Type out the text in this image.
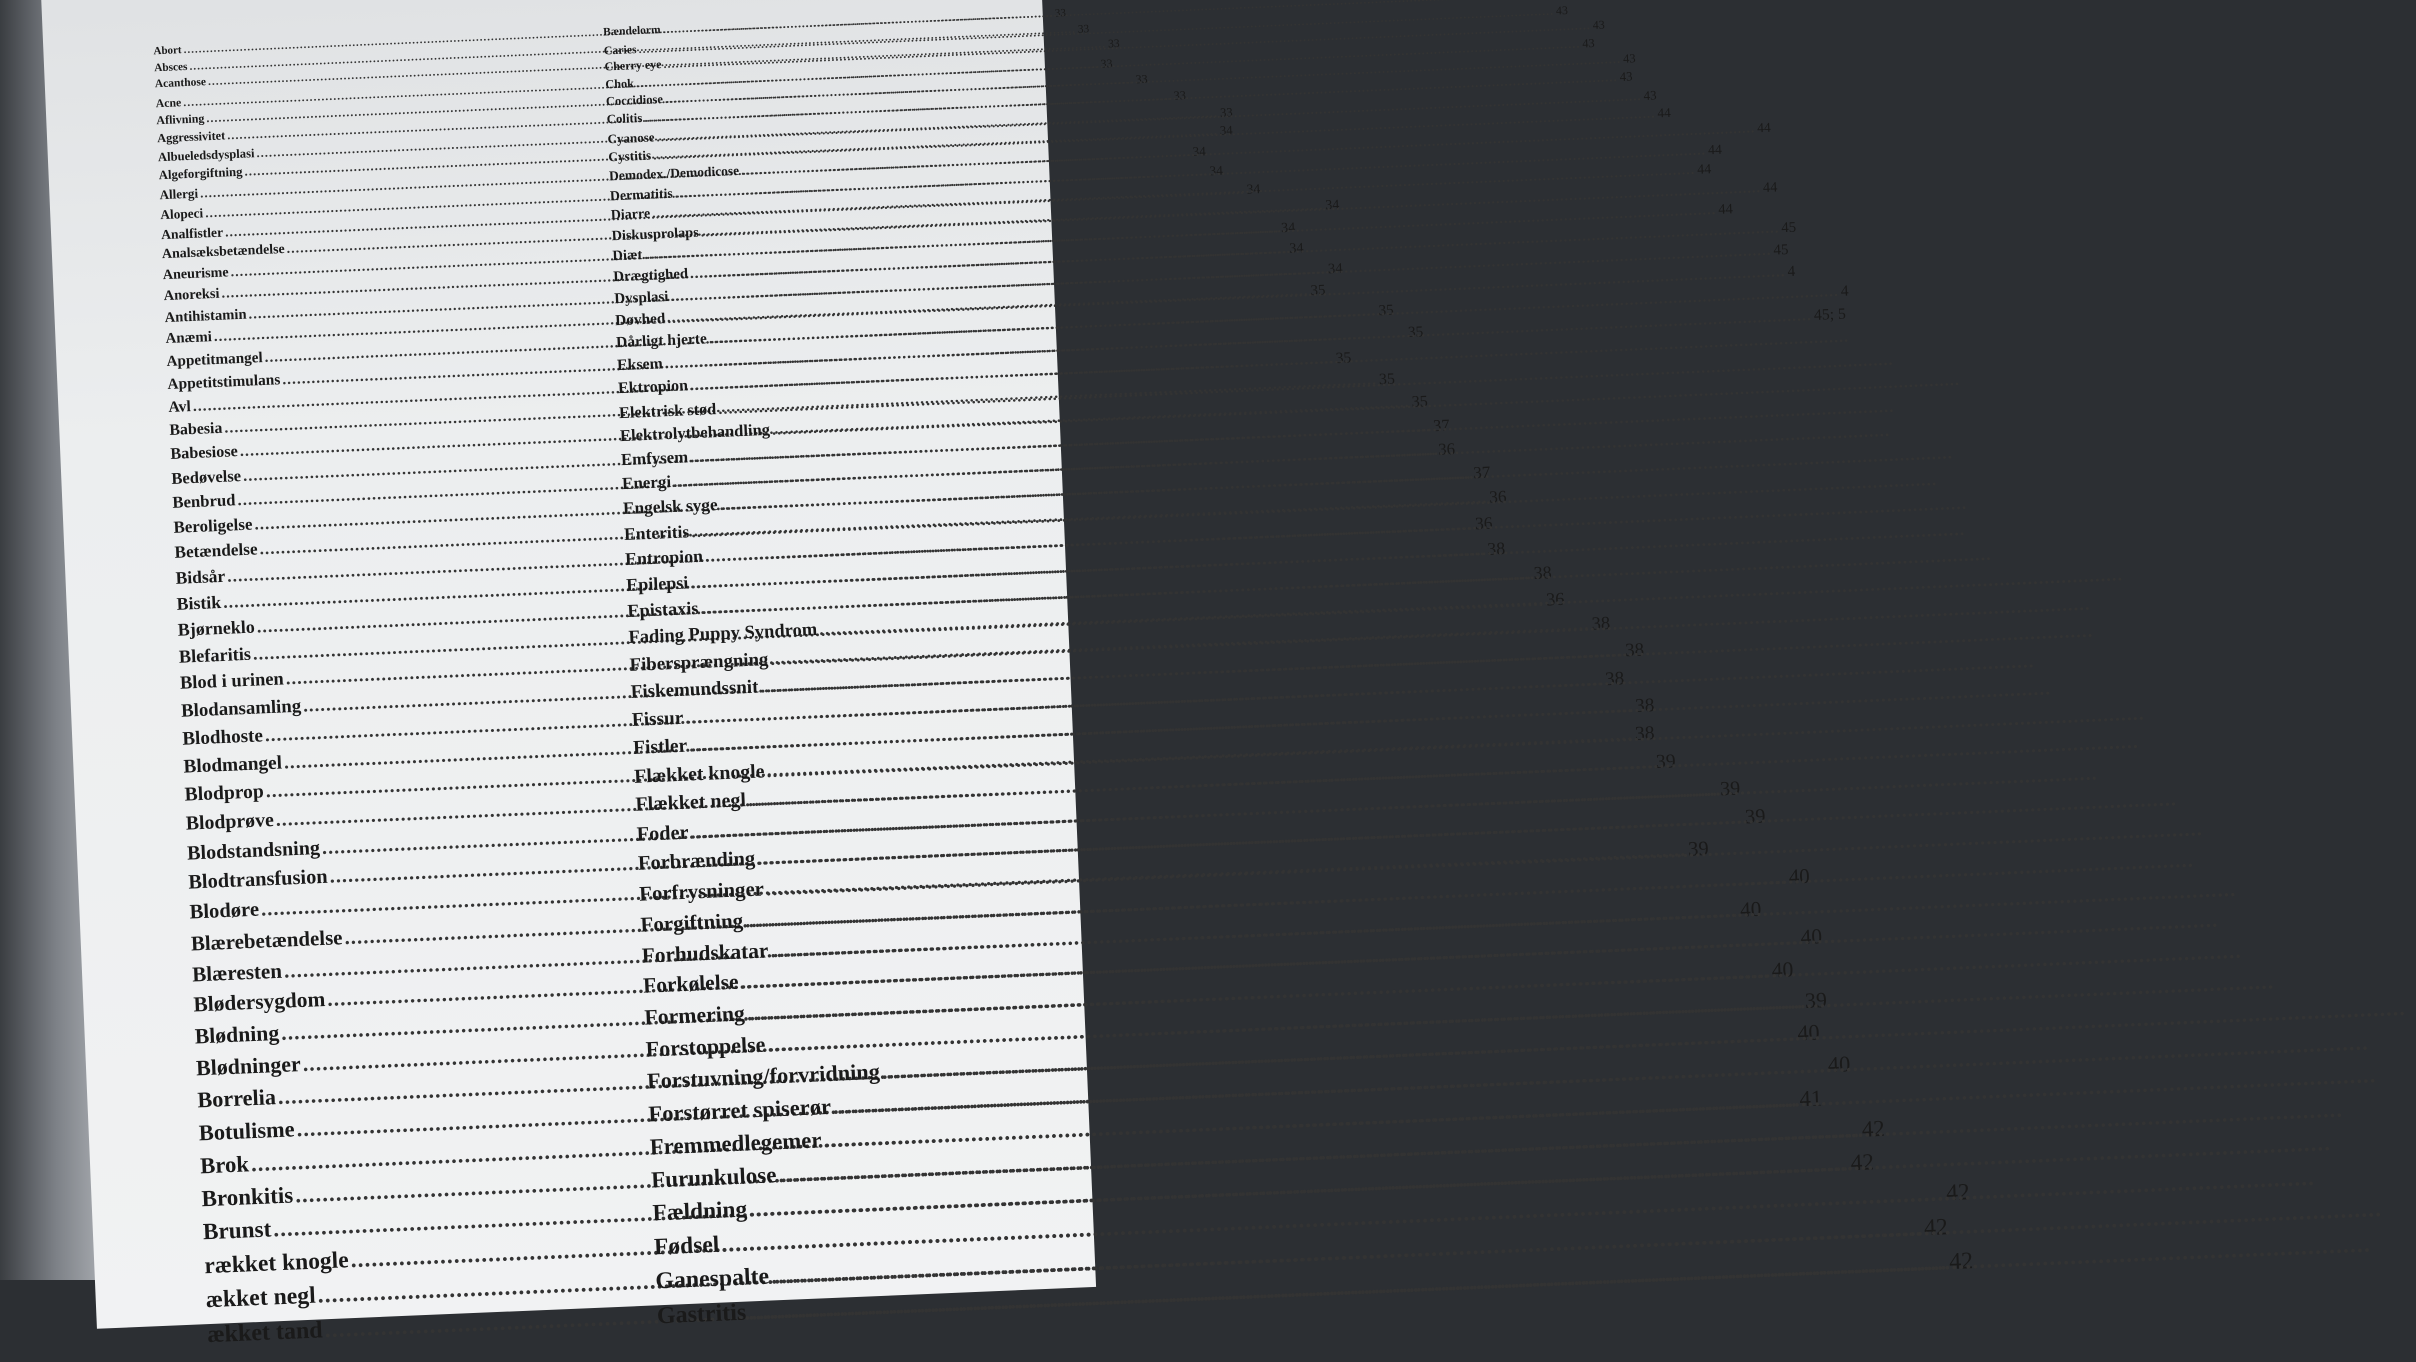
Abort
.....
33
Absces
.....
33
Acanthose
.....
33
Acne
.....
33
Aflivning
.....
33
Aggressivitet
.....
33
Albueledsdysplasi
.....
33
Algeforgiftning
.....
34
Allergi
.....
34
Alopeci
.....
34
Analfistler
.....
34
Analsæksbetændelse
.....
34
Aneurisme
.....
34
Anoreksi
.....
34
Antihistamin
.....
34
Anæmi
.....
35
Appetitmangel
.....
35
Appetitstimulans
.....
35
Avl
.....
35
Babesia
.....
35
Babesiose
.....
35
Bedøvelse
.....
37
Benbrud
.....
36
Beroligelse
.....
37
Betændelse
.....
36
Bidsår
.....
36
Bistik
.....
38
Bjørneklo
.....
38
Blefaritis
.....
36
Blod i urinen
.....
38
Blodansamling
.....
38
Blodhoste
.....
38
Blodmangel
.....
38
Blodprop
.....
38
Blodprøve
.....
39
Blodstandsning
.....
39
Blodtransfusion
.....
39
Blodøre
.....
39
Blærebetændelse
.....
40
Blæresten
.....
40
Blødersygdom
.....
40
Blødning
.....
40
Blødninger
.....
39
Borrelia
.....
40
Botulisme
.....
40
Brok
.....
41
Bronkitis
.....
42
Brunst
.....
42
rækket knogle
.....
42
ækket negl
.....
42
ækket tand
.....
42
Bændelorm
.....
Caries
.....
43
Cherry eye
.....
43
Chok
.....
43
Coccidiose
.....
43
Colitis
.....
43
Cyanose
.....
43
Cystitis
.....
44
Demodex./Demodicose
.....
44
Dermatitis
.....
44
Diarre
.....
44
Diskusprolaps
.....
44
Diæt
.....
44
Drægtighed
.....
45
Dysplasi
.....
45
Døvhed
.....
4
Dårligt hjerte
.....
4
Eksem
.....
45; 5
Ektropion
.....
Elektrisk stød
.....
Elektrolytbehandling
.....
Emfysem
.....
Energi
.....
Engelsk syge
.....
Enteritis
.....
Entropion
.....
Epilepsi
.....
Epistaxis
.....
Fading Puppy Syndrom
.....
Fibersprængning
.....
Fiskemundssnit
.....
Fissur
.....
Fistler
.....
Flækket knogle
.....
Flækket negl
.....
Foder
.....
Forbrænding
.....
Forfrysninger
.....
Forgiftning
.....
Forhudskatar
.....
Forkølelse
.....
Formering
.....
Forstoppelse
.....
Forstuvning/forvridning
.....
Forstørret spiserør
.....
Fremmedlegemer
.....
Furunkulose
.....
Fældning
.....
Fødsel
.....
Ganespalte
.....
Gastritis
.....
